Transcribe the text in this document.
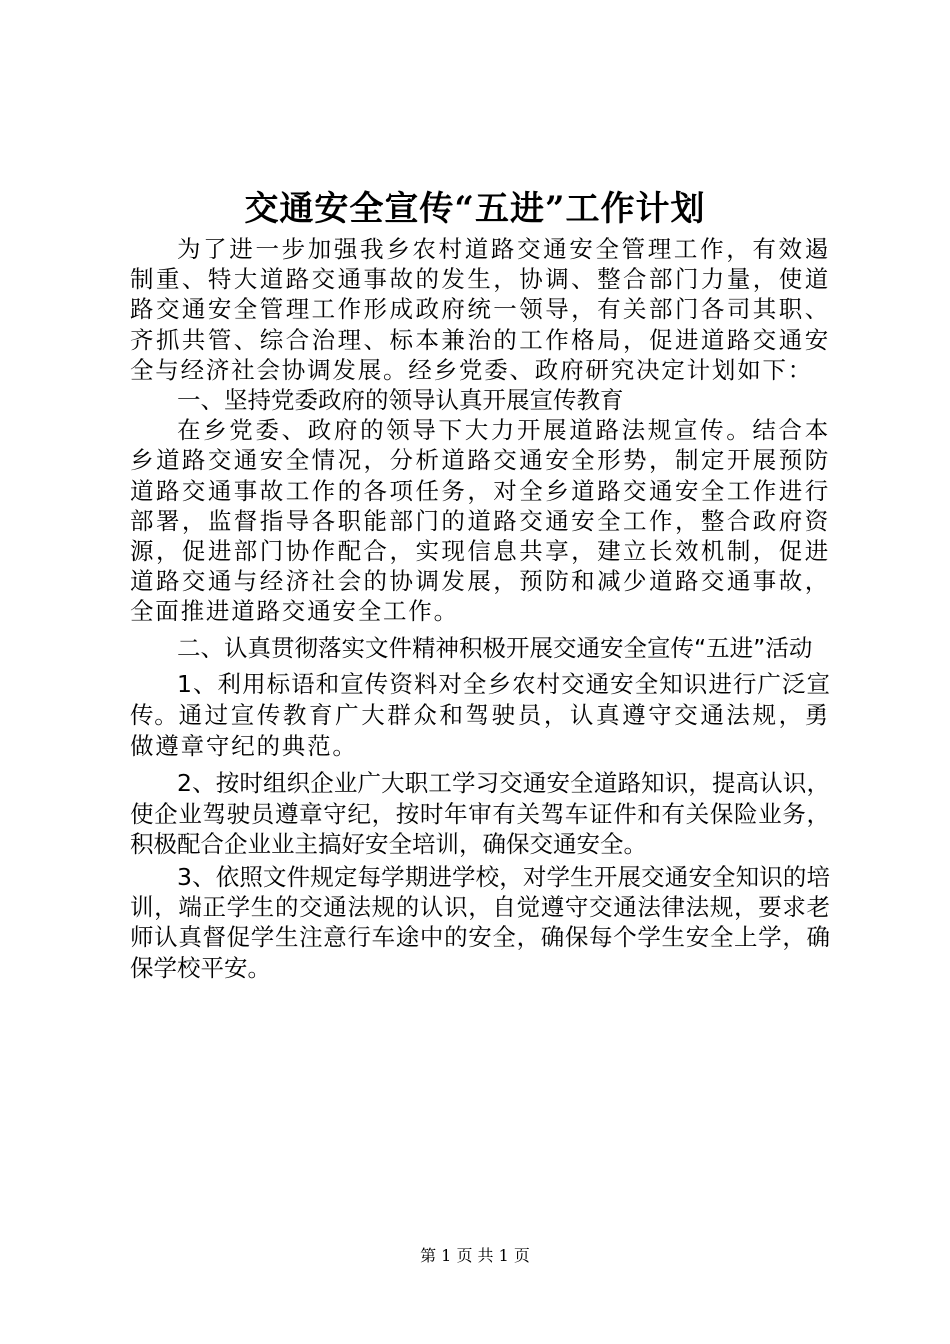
交通安全宣传“五进”工作计划

为了进一步加强我乡农村道路交通安全管理工作，有效遏制重、特大道路交通事故的发生，协调、整合部门力量，使道路交通安全管理工作形成政府统一领导，有关部门各司其职、齐抓共管、综合治理、标本兼治的工作格局，促进道路交通安全与经济社会协调发展。经乡党委、政府研究决定计划如下：

一、坚持党委政府的领导认真开展宣传教育

在乡党委、政府的领导下大力开展道路法规宣传。结合本乡道路交通安全情况，分析道路交通安全形势，制定开展预防道路交通事故工作的各项任务，对全乡道路交通安全工作进行部署，监督指导各职能部门的道路交通安全工作，整合政府资源，促进部门协作配合，实现信息共享，建立长效机制，促进道路交通与经济社会的协调发展，预防和减少道路交通事故，全面推进道路交通安全工作。

二、认真贯彻落实文件精神积极开展交通安全宣传“五进”活动

1、利用标语和宣传资料对全乡农村交通安全知识进行广泛宣传。通过宣传教育广大群众和驾驶员，认真遵守交通法规，勇做遵章守纪的典范。

2、按时组织企业广大职工学习交通安全道路知识，提高认识，使企业驾驶员遵章守纪，按时年审有关驾车证件和有关保险业务，积极配合企业业主搞好安全培训，确保交通安全。

3、依照文件规定每学期进学校，对学生开展交通安全知识的培训，端正学生的交通法规的认识，自觉遵守交通法律法规，要求老师认真督促学生注意行车途中的安全，确保每个学生安全上学，确保学校平安。

第 1 页 共 1 页
